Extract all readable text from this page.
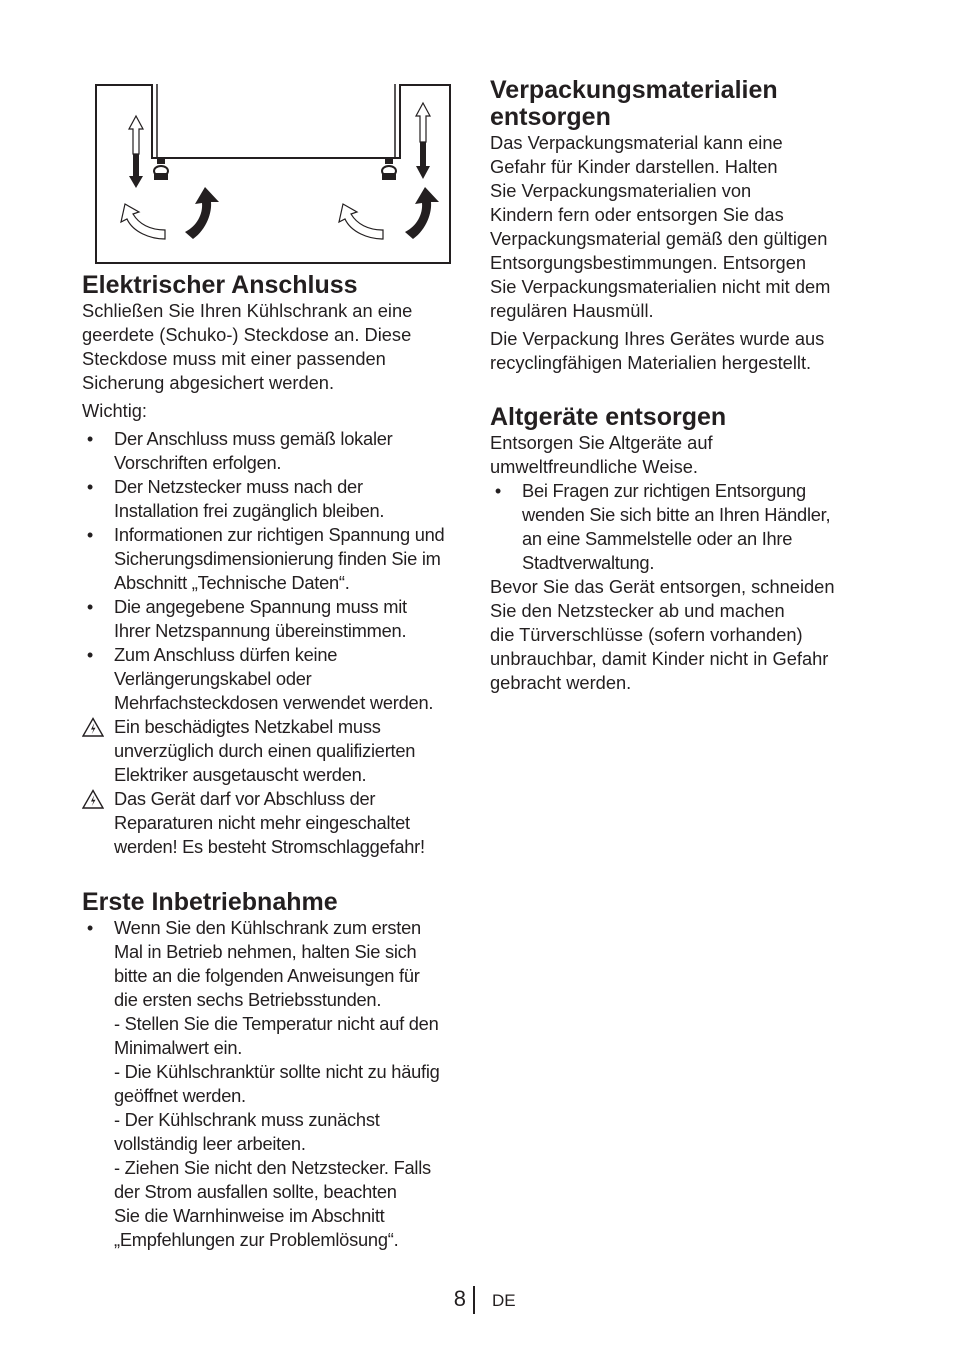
Elektrischer Anschluss

Schließen Sie Ihren Kühlschrank an eine
geerdete (Schuko-) Steckdose an. Diese
Steckdose muss mit einer passenden
Sicherung abgesichert werden.

Wichtig:

• Der Anschluss muss gemäß lokaler
Vorschriften erfolgen.
• Der Netzstecker muss nach der
Installation frei zugänglich bleiben.
• Informationen zur richtigen Spannung und
Sicherungsdimensionierung finden Sie im
Abschnitt „Technische Daten“.
• Die angegebene Spannung muss mit
Ihrer Netzspannung übereinstimmen.
• Zum Anschluss dürfen keine
Verlängerungskabel oder
Mehrfachsteckdosen verwendet werden.
Ein beschädigtes Netzkabel muss
unverzüglich durch einen qualifizierten
Elektriker ausgetauscht werden.
Das Gerät darf vor Abschluss der
Reparaturen nicht mehr eingeschaltet
werden! Es besteht Stromschlaggefahr!
Erste Inbetriebnahme
• Wenn Sie den Kühlschrank zum ersten
Mal in Betrieb nehmen, halten Sie sich
bitte an die folgenden Anweisungen für
die ersten sechs Betriebsstunden.
- Stellen Sie die Temperatur nicht auf den
Minimalwert ein.
- Die Kühlschranktür sollte nicht zu häufig
geöffnet werden.
- Der Kühlschrank muss zunächst
vollständig leer arbeiten.
- Ziehen Sie nicht den Netzstecker. Falls
der Strom ausfallen sollte, beachten
Sie die Warnhinweise im Abschnitt
„Empfehlungen zur Problemlösung“.
Verpackungsmaterialien
entsorgen

Das Verpackungsmaterial kann eine
Gefahr für Kinder darstellen. Halten
Sie Verpackungsmaterialien von
Kindern fern oder entsorgen Sie das
Verpackungsmaterial gemäß den gültigen
Entsorgungsbestimmungen. Entsorgen
Sie Verpackungsmaterialien nicht mit dem
regulären Hausmüll.

Die Verpackung Ihres Gerätes wurde aus
recyclingfähigen Materialien hergestellt.

Altgeräte entsorgen

Entsorgen Sie Altgeräte auf
umweltfreundliche Weise.

• Bei Fragen zur richtigen Entsorgung
wenden Sie sich bitte an Ihren Händler,
an eine Sammelstelle oder an Ihre
Stadtverwaltung.

Bevor Sie das Gerät entsorgen, schneiden
Sie den Netzstecker ab und machen
die Türverschlüsse (sofern vorhanden)
unbrauchbar, damit Kinder nicht in Gefahr
gebracht werden.

8 DE
